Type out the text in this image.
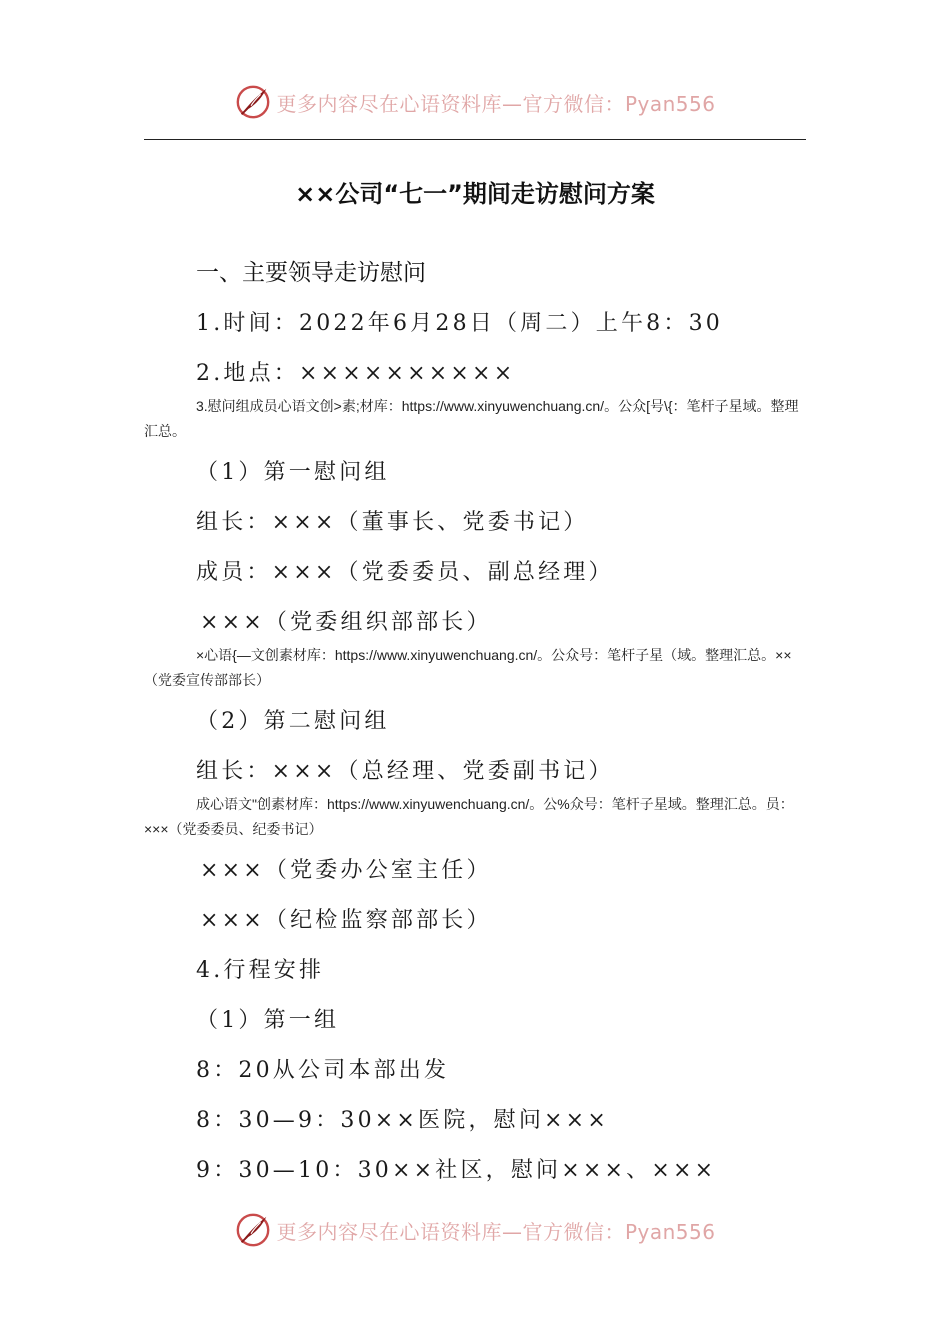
更多内容尽在心语资料库—官方微信：Pyan556
××公司“七一”期间走访慰问方案
一、主要领导走访慰问
1.时间：2022年6月28日（周二）上午8：30
2.地点：××××××××××
3.慰问组成员心语文创>素;材库：https://www.xinyuwenchuang.cn/。公众[号\{：笔杆子星域。整理汇总。
（1）第一慰问组
组长：×××（董事长、党委书记）
成员：×××（党委委员、副总经理）
×××（党委组织部部长）
×心语{—文创素材库：https://www.xinyuwenchuang.cn/。公众号：笔杆子星（域。整理汇总。××（党委宣传部部长）
（2）第二慰问组
组长：×××（总经理、党委副书记）
成心语文"创素材库：https://www.xinyuwenchuang.cn/。公%众号：笔杆子星域。整理汇总。员：×××（党委委员、纪委书记）
×××（党委办公室主任）
×××（纪检监察部部长）
4.行程安排
（1）第一组
8：20从公司本部出发
8：30—9：30××医院，慰问×××
9：30—10：30××社区，慰问×××、×××
更多内容尽在心语资料库—官方微信：Pyan556
